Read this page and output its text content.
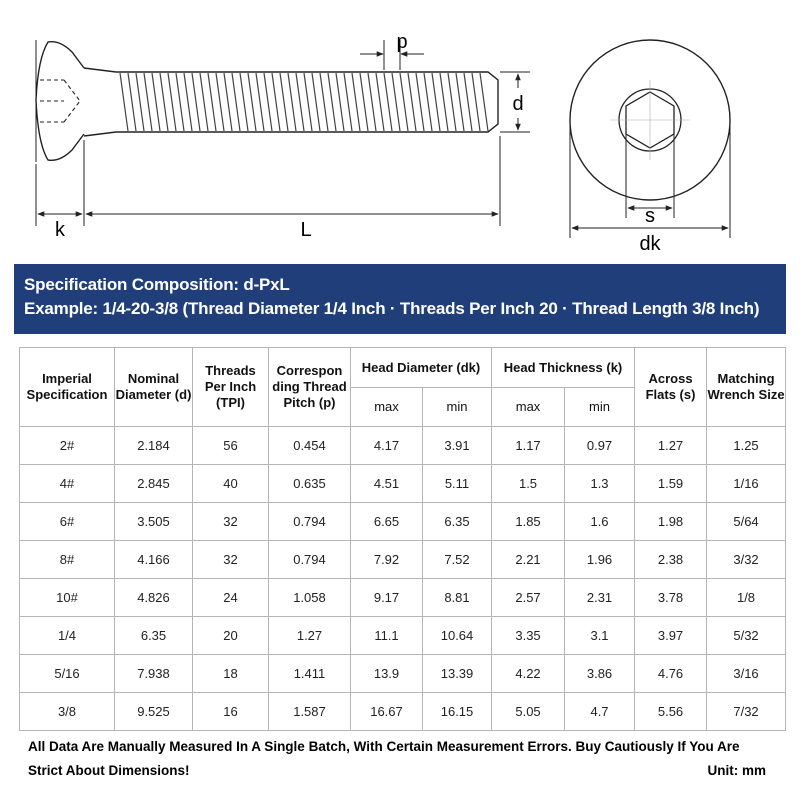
p
d
k	L
s
dk
Specification Composition: d-PxL
Example: 1/4-20-3/8 (Thread Diameter 1/4 Inch · Threads Per Inch 20 · Thread Length 3/8 Inch)
Imperial Specification	Nominal Diameter (d)	Threads Per Inch (TPI)	Correspon ding Thread Pitch (p)	Head Diameter (dk)		Head Thickness (k)		Across Flats (s)	Matching Wrench Size
				max	min	max	min		
2#	2.184	56	0.454	4.17	3.91	1.17	0.97	1.27	1.25
4#	2.845	40	0.635	4.51	5.11	1.5	1.3	1.59	1/16
6#	3.505	32	0.794	6.65	6.35	1.85	1.6	1.98	5/64
8#	4.166	32	0.794	7.92	7.52	2.21	1.96	2.38	3/32
10#	4.826	24	1.058	9.17	8.81	2.57	2.31	3.78	1/8
1/4	6.35	20	1.27	11.1	10.64	3.35	3.1	3.97	5/32
5/16	7.938	18	1.411	13.9	13.39	4.22	3.86	4.76	3/16
3/8	9.525	16	1.587	16.67	16.15	5.05	4.7	5.56	7/32
All Data Are Manually Measured In A Single Batch, With Certain Measurement Errors. Buy Cautiously If You Are Strict About Dimensions!	Unit: mm
